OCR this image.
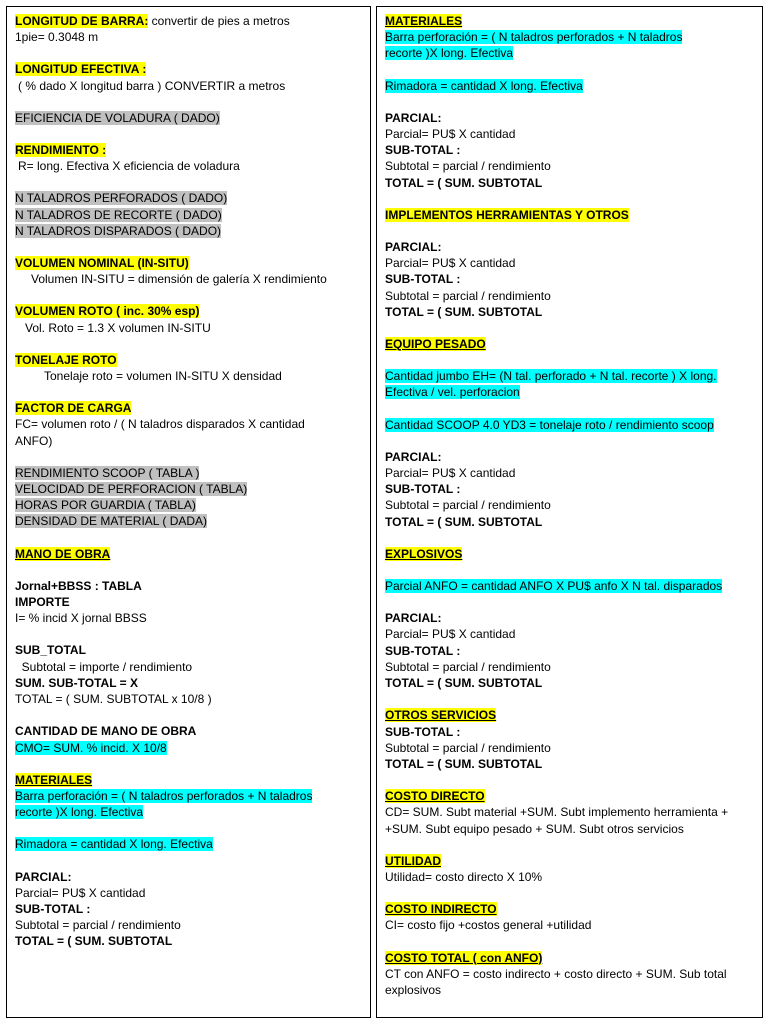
LONGITUD DE BARRA: convertir de pies a metros
1pie= 0.3048 m
LONGITUD EFECTIVA :
( % dado X longitud barra ) CONVERTIR a metros
EFICIENCIA DE VOLADURA ( DADO)
RENDIMIENTO :
R= long. Efectiva X eficiencia de voladura
N TALADROS PERFORADOS ( DADO)
N TALADROS DE RECORTE ( DADO)
N TALADROS DISPARADOS ( DADO)
VOLUMEN NOMINAL (IN-SITU)
Volumen IN-SITU = dimensión de galería X rendimiento
VOLUMEN ROTO ( inc. 30% esp)
Vol. Roto = 1.3 X volumen IN-SITU
TONELAJE ROTO
Tonelaje roto = volumen IN-SITU X densidad
FACTOR DE CARGA
FC= volumen roto / ( N taladros disparados X cantidad
ANFO)
RENDIMIENTO SCOOP ( TABLA )
VELOCIDAD DE PERFORACION ( TABLA)
HORAS POR GUARDIA ( TABLA)
DENSIDAD DE MATERIAL ( DADA)
MANO DE OBRA
Jornal+BBSS : TABLA
IMPORTE
I= % incid X jornal BBSS
SUB_TOTAL
Subtotal = importe / rendimiento
SUM. SUB-TOTAL = X
TOTAL = ( SUM. SUBTOTAL x 10/8 )
CANTIDAD DE MANO DE OBRA
CMO= SUM. % incid. X 10/8
MATERIALES
Barra perforación = ( N taladros perforados + N taladros
recorte )X long. Efectiva
Rimadora = cantidad X long. Efectiva
PARCIAL:
Parcial= PU$ X cantidad
SUB-TOTAL :
Subtotal = parcial / rendimiento
TOTAL = ( SUM. SUBTOTAL
MATERIALES
Barra perforación = ( N taladros perforados + N taladros
recorte )X long. Efectiva
Rimadora = cantidad X long. Efectiva
PARCIAL:
Parcial= PU$ X cantidad
SUB-TOTAL :
Subtotal = parcial / rendimiento
TOTAL = ( SUM. SUBTOTAL
IMPLEMENTOS HERRAMIENTAS Y OTROS
PARCIAL:
Parcial= PU$ X cantidad
SUB-TOTAL :
Subtotal = parcial / rendimiento
TOTAL = ( SUM. SUBTOTAL
EQUIPO PESADO
Cantidad jumbo EH= (N tal. perforado + N tal. recorte ) X long.
Efectiva / vel. perforacion
Cantidad SCOOP 4.0 YD3 = tonelaje roto / rendimiento scoop
PARCIAL:
Parcial= PU$ X cantidad
SUB-TOTAL :
Subtotal = parcial / rendimiento
TOTAL = ( SUM. SUBTOTAL
EXPLOSIVOS
Parcial ANFO = cantidad ANFO X PU$ anfo X N tal. disparados
PARCIAL:
Parcial= PU$ X cantidad
SUB-TOTAL :
Subtotal = parcial / rendimiento
TOTAL = ( SUM. SUBTOTAL
OTROS SERVICIOS
SUB-TOTAL :
Subtotal = parcial / rendimiento
TOTAL = ( SUM. SUBTOTAL
COSTO DIRECTO
CD= SUM. Subt material +SUM. Subt implemento herramienta +
+SUM. Subt equipo pesado + SUM. Subt otros servicios
UTILIDAD
Utilidad= costo directo X 10%
COSTO INDIRECTO
CI= costo fijo +costos general +utilidad
COSTO TOTAL ( con ANFO)
CT con ANFO = costo indirecto + costo directo + SUM. Sub total
explosivos
